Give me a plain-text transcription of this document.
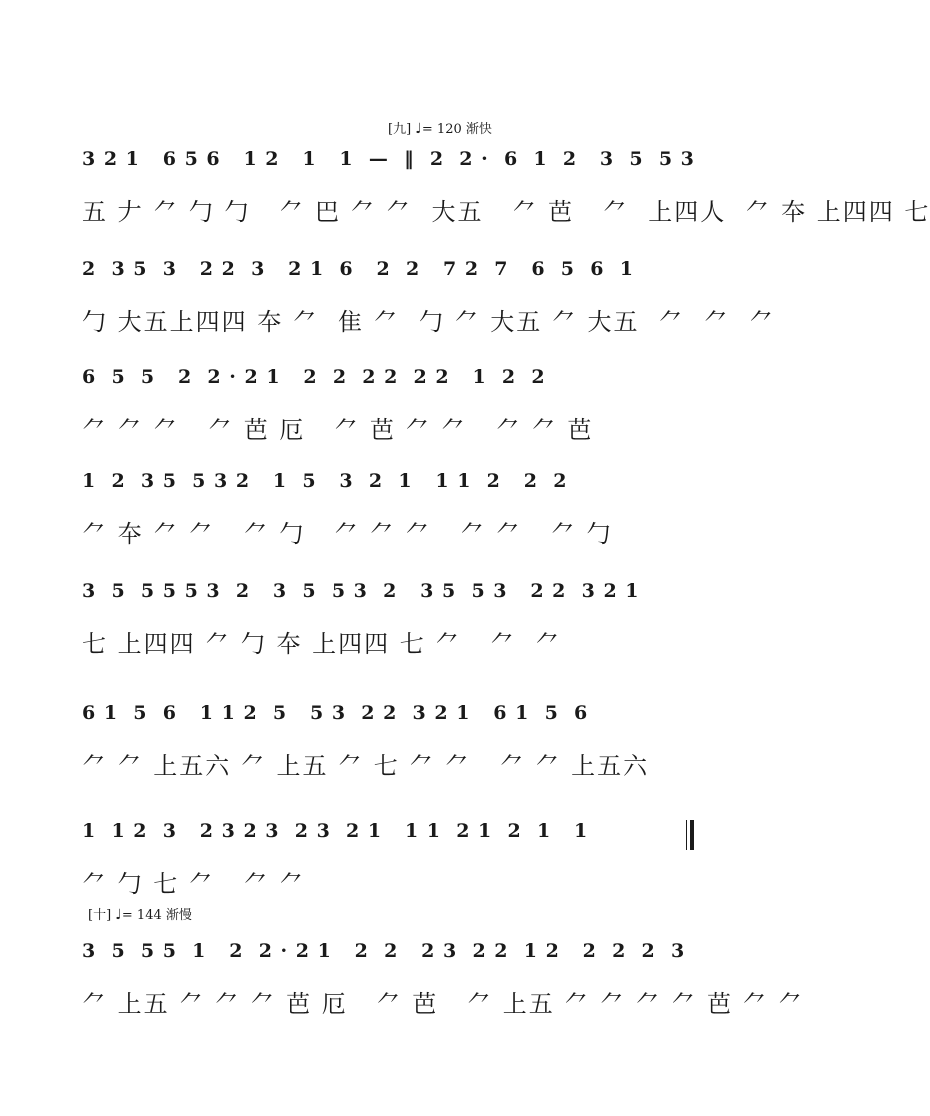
[九] ♩= 120 渐快
3 2 1   6 5 6   1 2   1   1  —  ‖  2  2 ·  6  1  2   3  5  5 3
五 𠂇 ⺈ 勹 勹   ⺈ 巴 ⺈ ⺈  大五   ⺈ 芭   ⺈  上四人  ⺈ 夲 上四四 七
2  3 5  3   2 2  3   2 1  6   2  2   7 2  7   6  5  6  1
勹 大五上四四 夲 ⺈  隹 ⺈  勹 ⺈ 大五 ⺈ 大五  ⺈  ⺈  ⺈
6  5  5   2  2 · 2 1   2  2  2 2  2 2   1  2  2
⺈ ⺈ ⺈   ⺈ 芭 厄   ⺈ 芭 ⺈ ⺈   ⺈ ⺈ 芭
1  2  3 5  5 3 2   1  5   3  2  1   1 1  2   2  2
⺈ 夲 ⺈ ⺈   ⺈ 勹   ⺈ ⺈ ⺈   ⺈ ⺈   ⺈ 勹
3  5  5 5 5 3  2   3  5  5 3  2   3 5  5 3   2 2  3 2 1
七 上四四 ⺈ 勹 夲 上四四 七 ⺈   ⺈  ⺈
6 1  5  6   1 1 2  5   5 3  2 2  3 2 1   6 1  5  6
⺈ ⺈ 上五六 ⺈ 上五 ⺈ 七 ⺈ ⺈   ⺈ ⺈ 上五六
1  1 2  3   2 3 2 3  2 3  2 1   1 1  2 1  2  1   1
⺈ 勹 七 ⺈   ⺈ ⺈
[十] ♩= 144 渐慢
3  5  5 5  1   2  2 · 2 1   2  2   2 3  2 2  1 2   2  2  2  3
⺈ 上五 ⺈ ⺈ ⺈ 芭 厄   ⺈ 芭   ⺈ 上五 ⺈ ⺈ ⺈ ⺈ 芭 ⺈ ⺈
